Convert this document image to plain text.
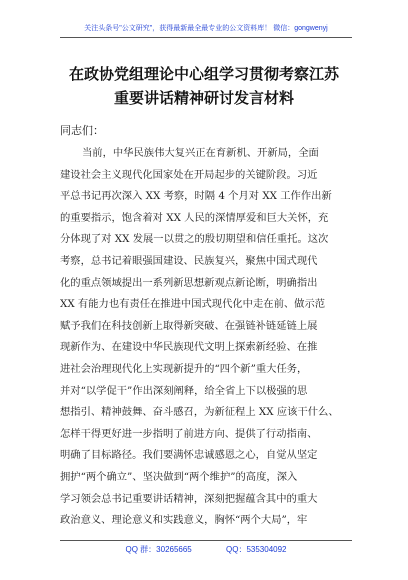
关注头条号"公文研究"，获得最新最全最专业的公文资料库！ 微信：gongwenyj
在政协党组理论中心组学习贯彻考察江苏
重要讲话精神研讨发言材料
同志们：
当前，中华民族伟大复兴正在育新机、开新局，全面
建设社会主义现代化国家处在开局起步的关键阶段。习近
平总书记再次深入 XX 考察，时隔 4 个月对 XX 工作作出新
的重要指示，饱含着对 XX 人民的深情厚爱和巨大关怀，充
分体现了对 XX 发展一以贯之的殷切期望和信任重托。这次
考察，总书记着眼强国建设、民族复兴，聚焦中国式现代
化的重点领域提出一系列新思想新观点新论断，明确指出
XX 有能力也有责任在推进中国式现代化中走在前、做示范
赋予我们在科技创新上取得新突破、在强链补链延链上展
现新作为、在建设中华民族现代文明上探索新经验、在推
进社会治理现代化上实现新提升的“四个新”重大任务，
并对“以学促干”作出深刻阐释，给全省上下以极强的思
想指引、精神鼓舞、奋斗感召，为新征程上 XX 应该干什么、
怎样干得更好进一步指明了前进方向、提供了行动指南、
明确了目标路径。我们要满怀忠诚感恩之心，自觉从坚定
拥护“两个确立”、坚决做到“两个维护”的高度，深入
学习领会总书记重要讲话精神，深刻把握蕴含其中的重大
政治意义、理论意义和实践意义，胸怀“两个大局”，牢
QQ 群：30265665	QQ：535304092
